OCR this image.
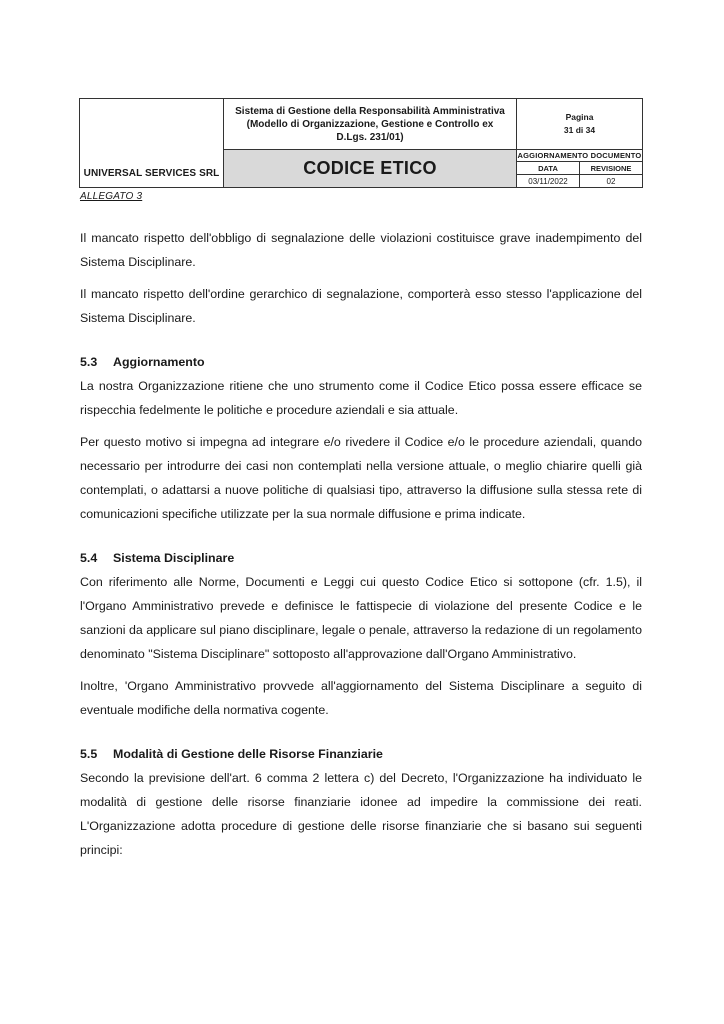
UNIVERSAL SERVICES SRL	Sistema di Gestione della Responsabilità Amministrativa (Modello di Organizzazione, Gestione e Controllo ex D.Lgs. 231/01)	Pagina
31 di 34	

	CODICE ETICO	AGGIORNAMENTO DOCUMENTO	
		DATA	REVISIONE
		03/11/2022	02
ALLEGATO 3

Il mancato rispetto dell'obbligo di segnalazione delle violazioni costituisce grave inadempimento del Sistema Disciplinare.

Il mancato rispetto dell'ordine gerarchico di segnalazione, comporterà esso stesso l'applicazione del Sistema Disciplinare.

5.3 Aggiornamento

La nostra Organizzazione ritiene che uno strumento come il Codice Etico possa essere efficace se rispecchia fedelmente le politiche e procedure aziendali e sia attuale.

Per questo motivo si impegna ad integrare e/o rivedere il Codice e/o le procedure aziendali, quando necessario per introdurre dei casi non contemplati nella versione attuale, o meglio chiarire quelli già contemplati, o adattarsi a nuove politiche di qualsiasi tipo, attraverso la diffusione sulla stessa rete di comunicazioni specifiche utilizzate per la sua normale diffusione e prima indicate.

5.4 Sistema Disciplinare

Con riferimento alle Norme, Documenti e Leggi cui questo Codice Etico si sottopone (cfr. 1.5), il l'Organo Amministrativo prevede e definisce le fattispecie di violazione del presente Codice e le sanzioni da applicare sul piano disciplinare, legale o penale, attraverso la redazione di un regolamento denominato "Sistema Disciplinare" sottoposto all'approvazione dall'Organo Amministrativo.

Inoltre, 'Organo Amministrativo provvede all'aggiornamento del Sistema Disciplinare a seguito di eventuale modifiche della normativa cogente.

5.5 Modalità di Gestione delle Risorse Finanziarie

Secondo la previsione dell'art. 6 comma 2 lettera c) del Decreto, l'Organizzazione ha individuato le modalità di gestione delle risorse finanziarie idonee ad impedire la commissione dei reati. L'Organizzazione adotta procedure di gestione delle risorse finanziarie che si basano sui seguenti principi:
